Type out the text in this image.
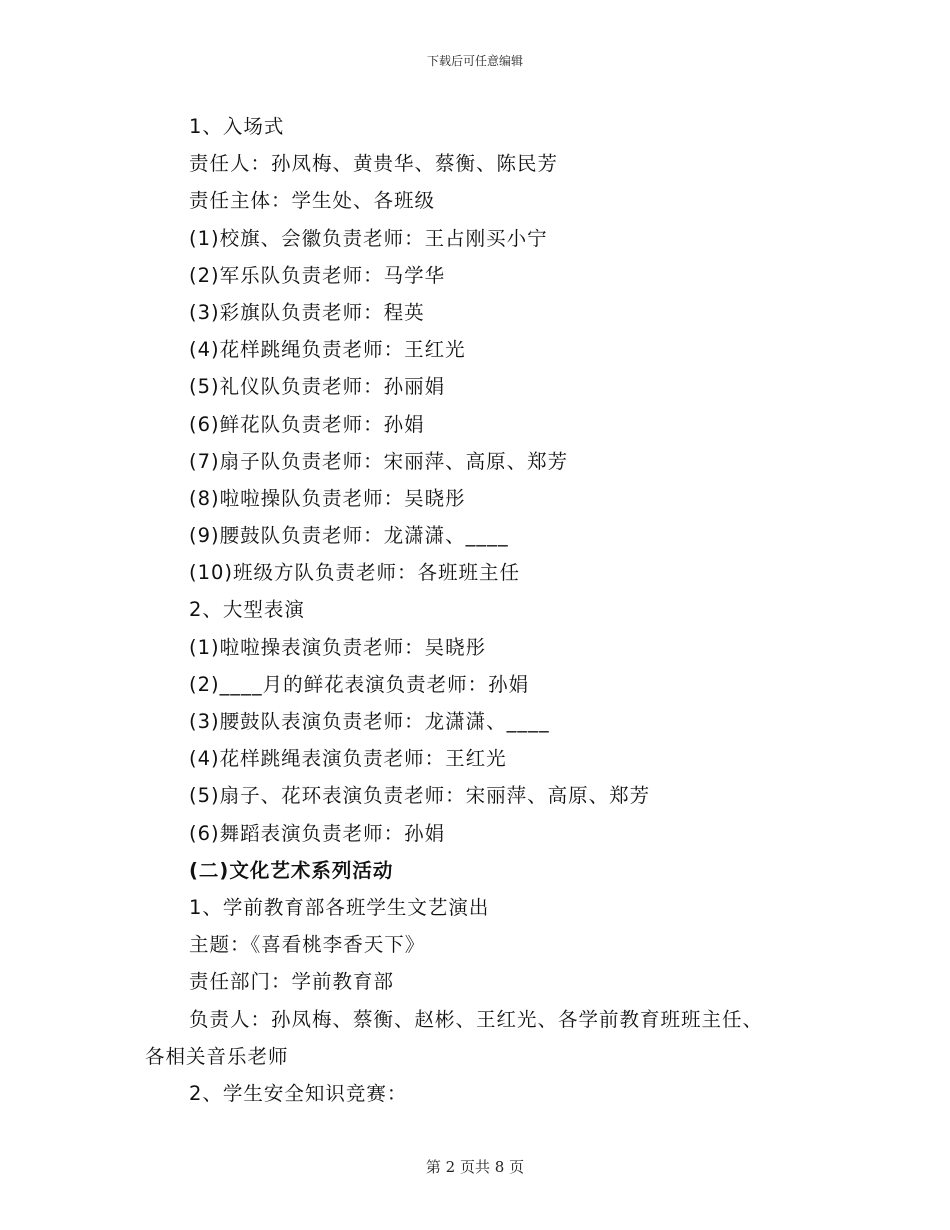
下载后可任意编辑
1、入场式
责任人：孙凤梅、黄贵华、蔡衡、陈民芳
责任主体：学生处、各班级
(1)校旗、会徽负责老师：王占刚买小宁
(2)军乐队负责老师：马学华
(3)彩旗队负责老师：程英
(4)花样跳绳负责老师：王红光
(5)礼仪队负责老师：孙丽娟
(6)鲜花队负责老师：孙娟
(7)扇子队负责老师：宋丽萍、高原、郑芳
(8)啦啦操队负责老师：吴晓彤
(9)腰鼓队负责老师：龙潇潇、____
(10)班级方队负责老师：各班班主任
2、大型表演
(1)啦啦操表演负责老师：吴晓彤
(2)____月的鲜花表演负责老师：孙娟
(3)腰鼓队表演负责老师：龙潇潇、____
(4)花样跳绳表演负责老师：王红光
(5)扇子、花环表演负责老师：宋丽萍、高原、郑芳
(6)舞蹈表演负责老师：孙娟
(二)文化艺术系列活动
1、学前教育部各班学生文艺演出
主题：《喜看桃李香天下》
责任部门：学前教育部
负责人：孙凤梅、蔡衡、赵彬、王红光、各学前教育班班主任、
各相关音乐老师
2、学生安全知识竞赛：
第 2 页共 8 页
